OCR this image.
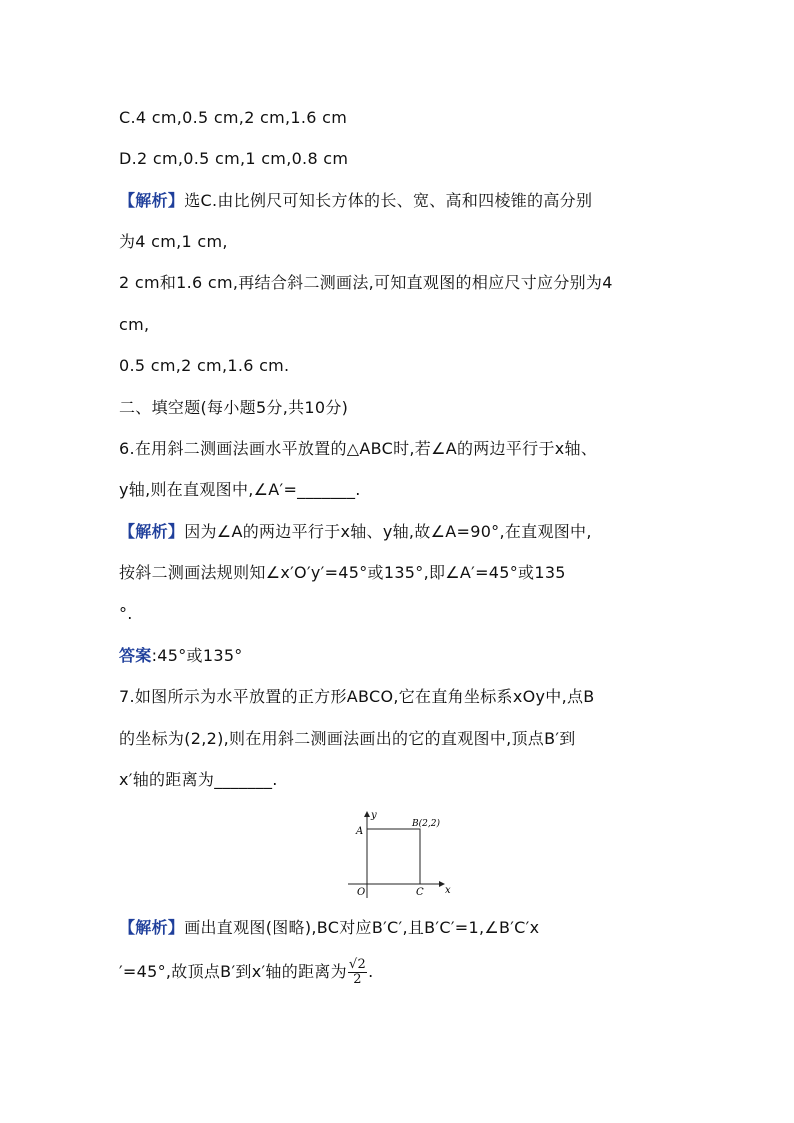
C.4 cm,0.5 cm,2 cm,1.6 cm
D.2 cm,0.5 cm,1 cm,0.8 cm
【解析】选C.由比例尺可知长方体的长、宽、高和四棱锥的高分别
为4 cm,1 cm,
2 cm和1.6 cm,再结合斜二测画法,可知直观图的相应尺寸应分别为4
cm,
0.5 cm,2 cm,1.6 cm.
二、填空题(每小题5分,共10分)
6.在用斜二测画法画水平放置的△ABC时,若∠A的两边平行于x轴、
y轴,则在直观图中,∠A′=_______.
【解析】因为∠A的两边平行于x轴、y轴,故∠A=90°,在直观图中,
按斜二测画法规则知∠x′O′y′=45°或135°,即∠A′=45°或135
°.
答案:45°或135°
7.如图所示为水平放置的正方形ABCO,它在直角坐标系xOy中,点B
的坐标为(2,2),则在用斜二测画法画出的它的直观图中,顶点B′到
x′轴的距离为_______.
y
x
A
B(2,2)
O	C
【解析】画出直观图(图略),BC对应B′C′,且B′C′=1,∠B′C′x
′=45°,故顶点B′到x′轴的距离为 $\frac{√2}{2}$ .
